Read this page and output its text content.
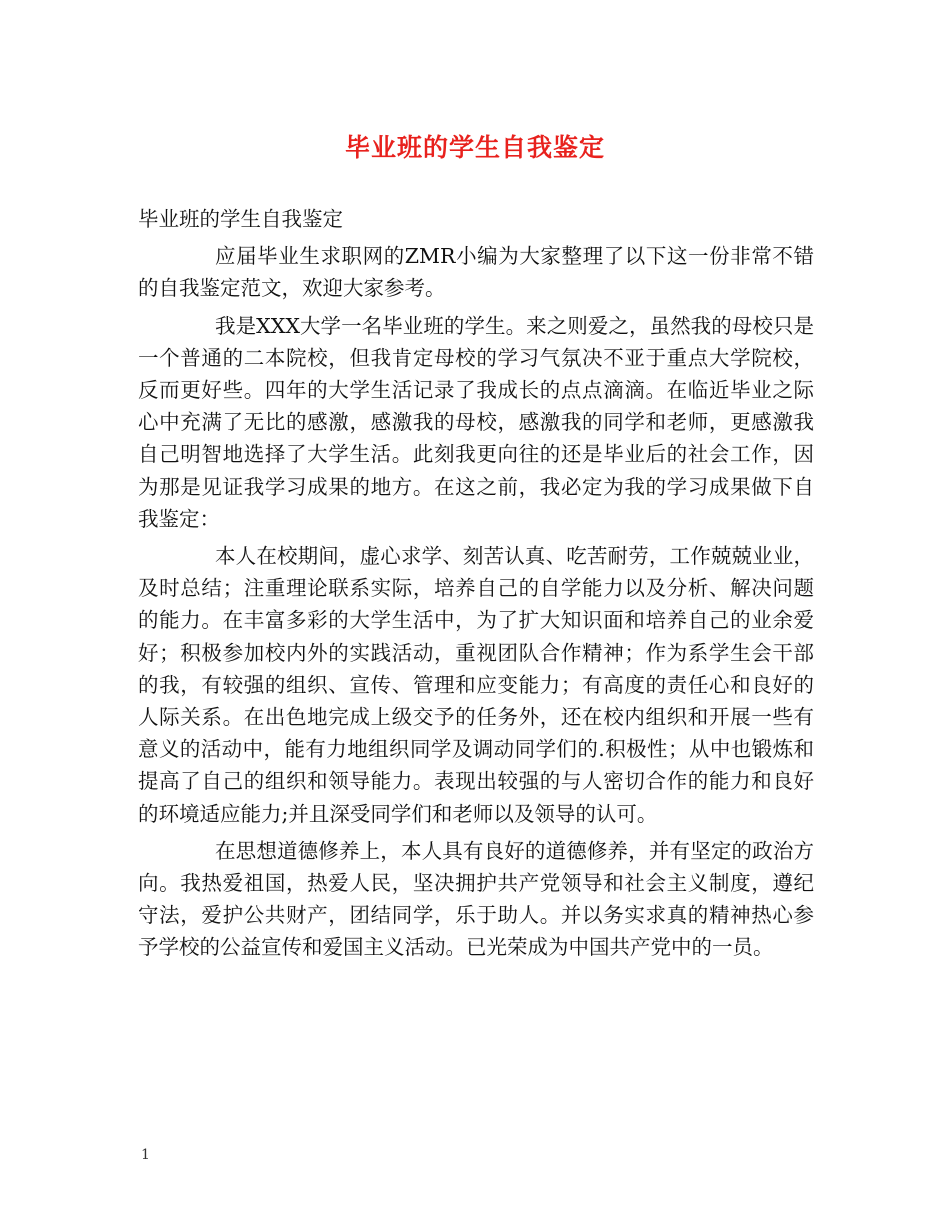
毕业班的学生自我鉴定

毕业班的学生自我鉴定

应届毕业生求职网的ZMR小编为大家整理了以下这一份非常不错的自我鉴定范文，欢迎大家参考。

我是XXX大学一名毕业班的学生。来之则爱之，虽然我的母校只是一个普通的二本院校，但我肯定母校的学习气氛决不亚于重点大学院校，反而更好些。四年的大学生活记录了我成长的点点滴滴。在临近毕业之际心中充满了无比的感激，感激我的母校，感激我的同学和老师，更感激我自己明智地选择了大学生活。此刻我更向往的还是毕业后的社会工作，因为那是见证我学习成果的地方。在这之前，我必定为我的学习成果做下自我鉴定：

本人在校期间，虚心求学、刻苦认真、吃苦耐劳，工作兢兢业业，及时总结；注重理论联系实际，培养自己的自学能力以及分析、解决问题的能力。在丰富多彩的大学生活中，为了扩大知识面和培养自己的业余爱好；积极参加校内外的实践活动，重视团队合作精神；作为系学生会干部的我，有较强的组织、宣传、管理和应变能力；有高度的责任心和良好的人际关系。在出色地完成上级交予的任务外，还在校内组织和开展一些有意义的活动中，能有力地组织同学及调动同学们的.积极性；从中也锻炼和提高了自己的组织和领导能力。表现出较强的与人密切合作的能力和良好的环境适应能力;并且深受同学们和老师以及领导的认可。

在思想道德修养上，本人具有良好的道德修养，并有坚定的政治方向。我热爱祖国，热爱人民，坚决拥护共产党领导和社会主义制度，遵纪守法，爱护公共财产，团结同学，乐于助人。并以务实求真的精神热心参予学校的公益宣传和爱国主义活动。已光荣成为中国共产党中的一员。

1
